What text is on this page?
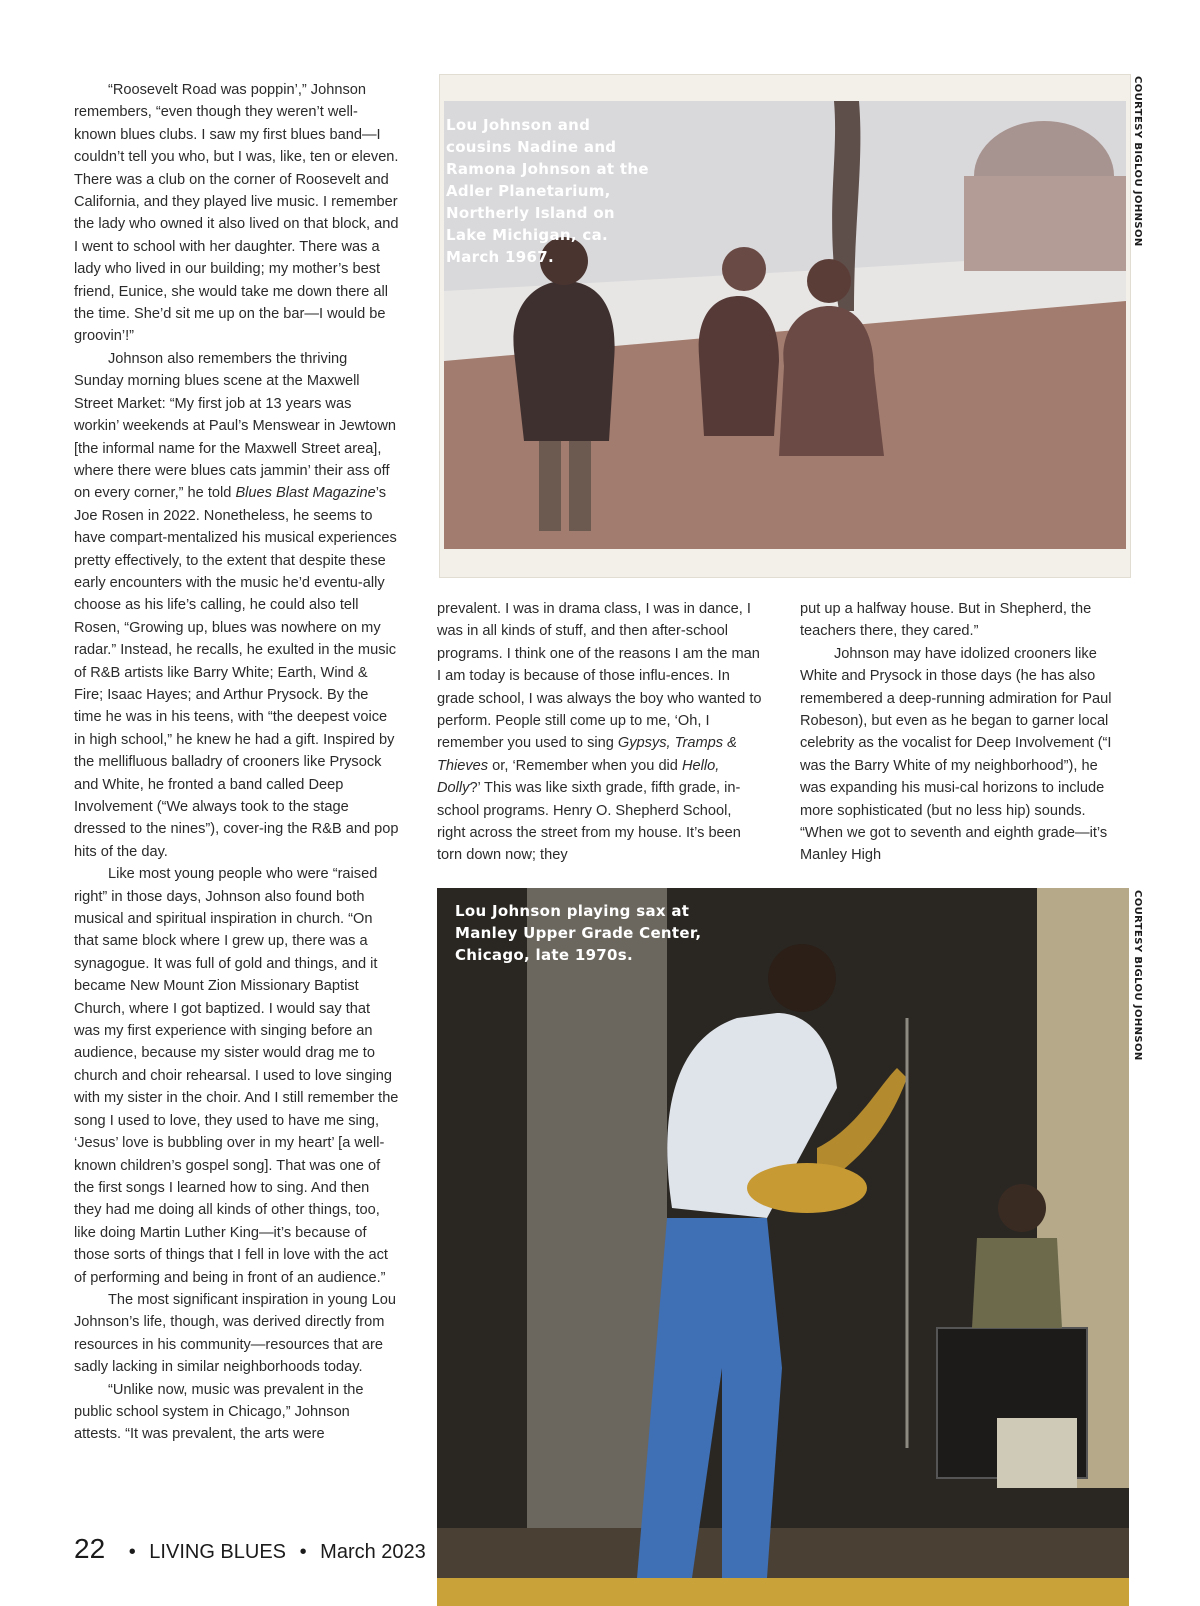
“Roosevelt Road was poppin’,” Johnson remembers, “even though they weren’t well-known blues clubs. I saw my first blues band—I couldn’t tell you who, but I was, like, ten or eleven. There was a club on the corner of Roosevelt and California, and they played live music. I remember the lady who owned it also lived on that block, and I went to school with her daughter. There was a lady who lived in our building; my mother’s best friend, Eunice, she would take me down there all the time. She’d sit me up on the bar—I would be groovin’!”

Johnson also remembers the thriving Sunday morning blues scene at the Maxwell Street Market: “My first job at 13 years was workin’ weekends at Paul’s Menswear in Jewtown [the informal name for the Maxwell Street area], where there were blues cats jammin’ their ass off on every corner,” he told Blues Blast Magazine’s Joe Rosen in 2022. Nonetheless, he seems to have compart-mentalized his musical experiences pretty effectively, to the extent that despite these early encounters with the music he’d eventu-ally choose as his life’s calling, he could also tell Rosen, “Growing up, blues was nowhere on my radar.” Instead, he recalls, he exulted in the music of R&B artists like Barry White; Earth, Wind & Fire; Isaac Hayes; and Arthur Prysock. By the time he was in his teens, with “the deepest voice in high school,” he knew he had a gift. Inspired by the mellifluous balladry of crooners like Prysock and White, he fronted a band called Deep Involvement (“We always took to the stage dressed to the nines”), cover-ing the R&B and pop hits of the day.

Like most young people who were “raised right” in those days, Johnson also found both musical and spiritual inspiration in church. “On that same block where I grew up, there was a synagogue. It was full of gold and things, and it became New Mount Zion Missionary Baptist Church, where I got baptized. I would say that was my first experience with singing before an audience, because my sister would drag me to church and choir rehearsal. I used to love singing with my sister in the choir. And I still remember the song I used to love, they used to have me sing, ‘Jesus’ love is bubbling over in my heart’ [a well-known children’s gospel song]. That was one of the first songs I learned how to sing. And then they had me doing all kinds of other things, too, like doing Martin Luther King—it’s because of those sorts of things that I fell in love with the act of performing and being in front of an audience.”

The most significant inspiration in young Lou Johnson’s life, though, was derived directly from resources in his community—resources that are sadly lacking in similar neighborhoods today.

“Unlike now, music was prevalent in the public school system in Chicago,” Johnson attests. “It was prevalent, the arts were

Lou Johnson and cousins Nadine and Ramona Johnson at the Adler Planetarium, Northerly Island on Lake Michigan, ca. March 1967.
COURTESY BIGLOU JOHNSON

prevalent. I was in drama class, I was in dance, I was in all kinds of stuff, and then after-school programs. I think one of the reasons I am the man I am today is because of those influ-ences. In grade school, I was always the boy who wanted to perform. People still come up to me, ‘Oh, I remember you used to sing Gypsys, Tramps & Thieves or, ‘Remember when you did Hello, Dolly?’ This was like sixth grade, fifth grade, in-school programs. Henry O. Shepherd School, right across the street from my house. It’s been torn down now; they

put up a halfway house. But in Shepherd, the teachers there, they cared.”

Johnson may have idolized crooners like White and Prysock in those days (he has also remembered a deep-running admiration for Paul Robeson), but even as he began to garner local celebrity as the vocalist for Deep Involvement (“I was the Barry White of my neighborhood”), he was expanding his musi-cal horizons to include more sophisticated (but no less hip) sounds. “When we got to seventh and eighth grade—it’s Manley High

Lou Johnson playing sax at Manley Upper Grade Center, Chicago, late 1970s.	COURTESY BIGLOU JOHNSON
22 • LIVING BLUES • March 2023
